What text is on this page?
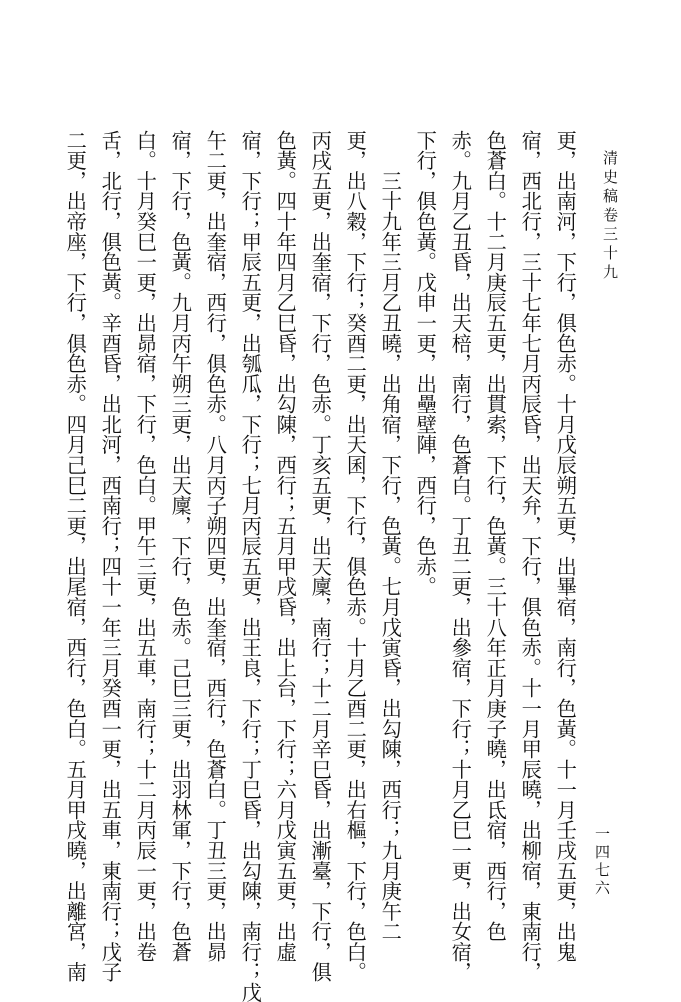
清史稿卷三十九
更，出南河，下行，俱色赤。十月戊辰朔五更，出畢宿，南行，色黃。十一月壬戌五更，出鬼
宿，西北行，三十七年七月丙辰昏，出天弁，下行，俱色赤。十一月甲辰曉，出柳宿，東南行，
色蒼白。十二月庚辰五更，出貫索，下行，色黃。三十八年正月庚子曉，出氐宿，西行，色
赤。九月乙丑昏，出天棓，南行，色蒼白。丁丑二更，出參宿，下行；十月乙巳一更，出女宿，
下行，俱色黃。戊申一更，出壘壁陣，西行，色赤。
　　三十九年三月乙丑曉，出角宿，下行，色黃。七月戊寅昏，出勾陳，西行；九月庚午二
更，出八穀，下行；癸酉二更，出天囷，下行，俱色赤。十月乙酉二更，出右樞，下行，色白。
丙戌五更，出奎宿，下行，色赤。丁亥五更，出天廩，南行；十二月辛巳昏，出漸臺，下行，俱
色黃。四十年四月乙巳昏，出勾陳，西行；五月甲戌昏，出上台，下行；六月戊寅五更，出虛
宿，下行；甲辰五更，出瓠瓜，下行；七月丙辰五更，出王良，下行；丁巳昏，出勾陳，南行；戊
午二更，出奎宿，西行，俱色赤。八月丙子朔四更，出奎宿，西行，色蒼白。丁丑三更，出昴
宿，下行，色黃。九月丙午朔三更，出天廩，下行，色赤。己巳三更，出羽林軍，下行，色蒼
白。十月癸巳一更，出昴宿，下行，色白。甲午三更，出五車，南行；十二月丙辰一更，出卷
舌，北行，俱色黃。辛酉昏，出北河，西南行；四十一年三月癸酉一更，出五車，東南行；戊子
二更，出帝座，下行，俱色赤。四月己巳二更，出尾宿，西行，色白。五月甲戌曉，出離宮，南	一四七六
